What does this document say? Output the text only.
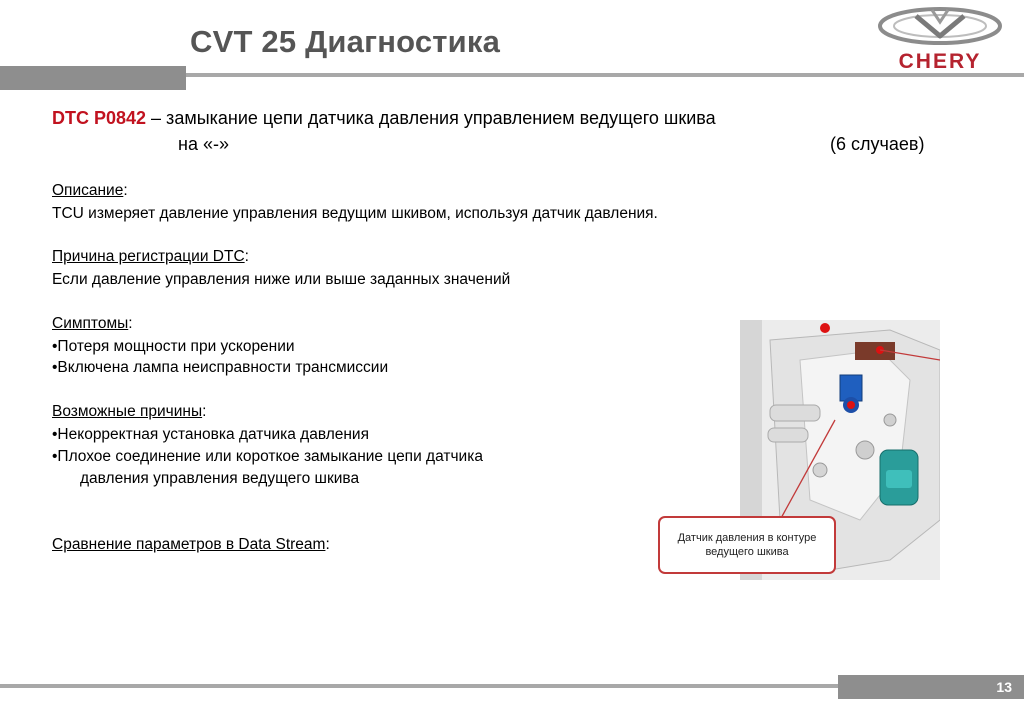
CVT 25 Диагностика
CHERY
DTC P0842 – замыкание цепи датчика давления управлением ведущего шкива
на «-»	(6 случаев)
Описание:
TCU измеряет давление управления ведущим шкивом, используя датчик давления.
Причина регистрации DTC:
Если давление управления ниже или выше заданных значений
Симптомы:
•Потеря мощности при ускорении
•Включена лампа неисправности трансмиссии
Возможные причины:
•Некорректная установка датчика давления
•Плохое соединение или короткое замыкание цепи датчика
давления управления ведущего шкива
Сравнение параметров в Data Stream:	Датчик давления в контуре
ведущего шкива
13
